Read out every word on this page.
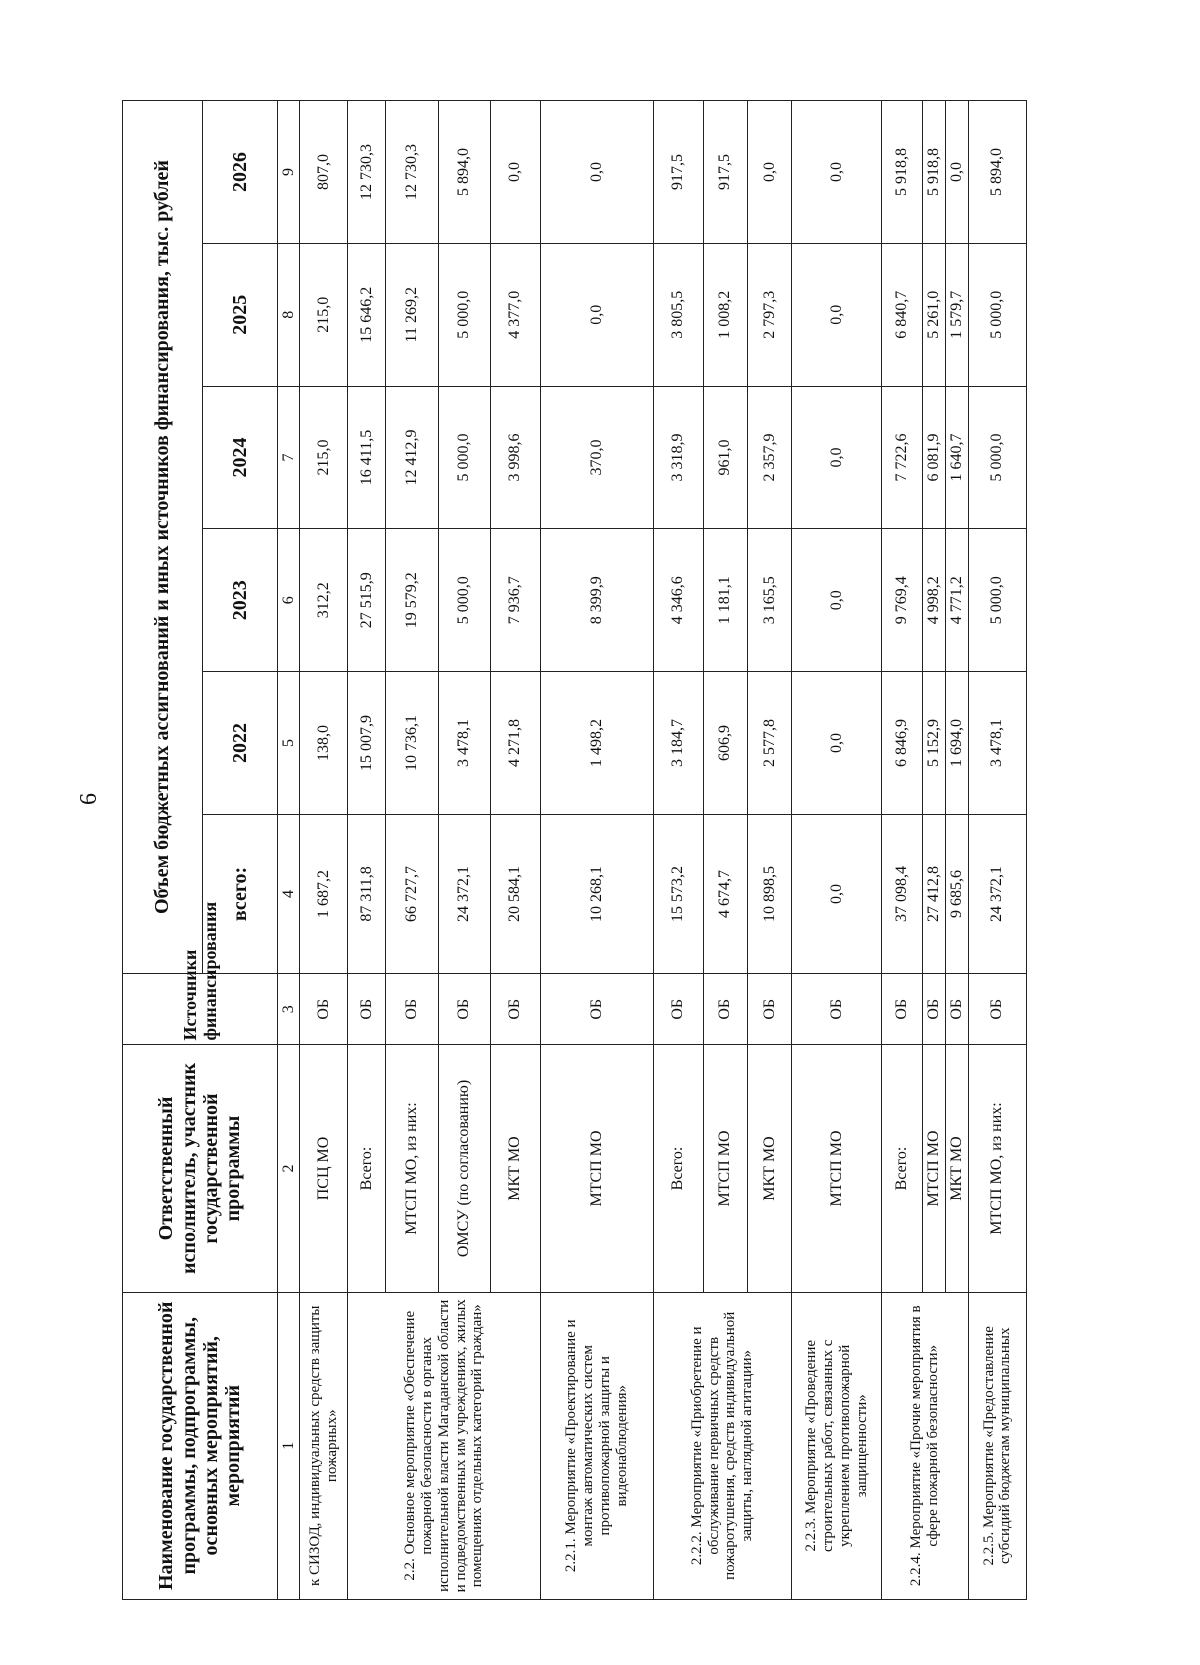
6
Наименование государственной программы, подпрограммы, основных мероприятий, мероприятий	Ответственный исполнитель, участник государственной программы	Источники финансирования	Объем бюджетных ассигнований и иных источников финансирования, тыс. рублей					
			всего:	2022	2023	2024	2025	2026
1	2	3	4	5	6	7	8	9
к СИЗОД, индивидуальных средств защиты пожарных»	ПСЦ МО	ОБ	1 687,2	138,0	312,2	215,0	215,0	807,0
2.2. Основное мероприятие «Обеспечение пожарной безопасности в органах исполнительной власти Магаданской области и подведомственных им учреждениях, жилых помещениях отдельных категорий граждан»	Всего:	ОБ	87 311,8	15 007,9	27 515,9	16 411,5	15 646,2	12 730,3
	МТСП МО, из них:	ОБ	66 727,7	10 736,1	19 579,2	12 412,9	11 269,2	12 730,3
	ОМСУ (по согласованию)	ОБ	24 372,1	3 478,1	5 000,0	5 000,0	5 000,0	5 894,0
	МКТ МО	ОБ	20 584,1	4 271,8	7 936,7	3 998,6	4 377,0	0,0
2.2.1. Мероприятие «Проектирование и монтаж автоматических систем противопожарной защиты и видеонаблюдения»	МТСП МО	ОБ	10 268,1	1 498,2	8 399,9	370,0	0,0	0,0
2.2.2. Мероприятие «Приобретение и обслуживание первичных средств пожаротушения, средств индивидуальной защиты, наглядной агитации»	Всего:	ОБ	15 573,2	3 184,7	4 346,6	3 318,9	3 805,5	917,5
	МТСП МО	ОБ	4 674,7	606,9	1 181,1	961,0	1 008,2	917,5
	МКТ МО	ОБ	10 898,5	2 577,8	3 165,5	2 357,9	2 797,3	0,0
2.2.3. Мероприятие «Проведение строительных работ, связанных с укреплением противопожарной защищенности»	МТСП МО	ОБ	0,0	0,0	0,0	0,0	0,0	0,0
2.2.4. Мероприятие «Прочие мероприятия в сфере пожарной безопасности»	Всего:	ОБ	37 098,4	6 846,9	9 769,4	7 722,6	6 840,7	5 918,8
	МТСП МО	ОБ	27 412,8	5 152,9	4 998,2	6 081,9	5 261,0	5 918,8
	МКТ МО	ОБ	9 685,6	1 694,0	4 771,2	1 640,7	1 579,7	0,0
2.2.5. Мероприятие «Предоставление субсидий бюджетам муниципальных	МТСП МО, из них:	ОБ	24 372,1	3 478,1	5 000,0	5 000,0	5 000,0	5 894,0
